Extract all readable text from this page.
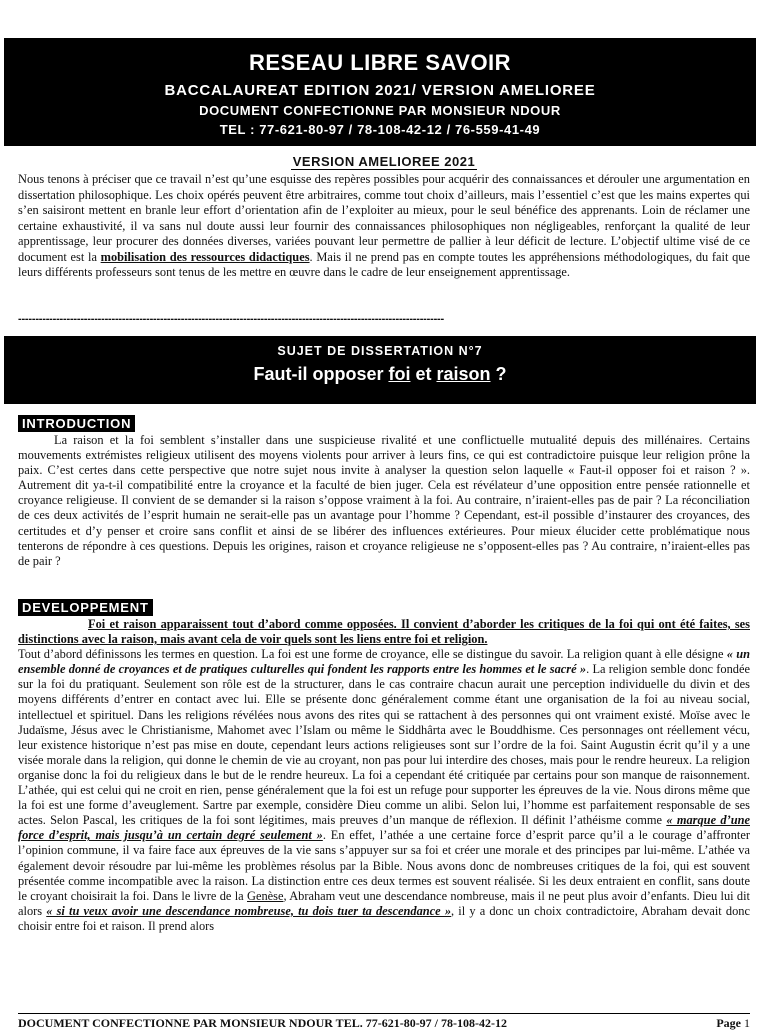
RESEAU LIBRE SAVOIR
BACCALAUREAT EDITION 2021/ VERSION AMELIOREE
DOCUMENT CONFECTIONNE PAR MONSIEUR NDOUR
TEL : 77-621-80-97 / 78-108-42-12 / 76-559-41-49
VERSION AMELIOREE 2021

Nous tenons à préciser que ce travail n’est qu’une esquisse des repères possibles pour acquérir des connaissances et dérouler une argumentation en dissertation philosophique. Les choix opérés peuvent être arbitraires, comme tout choix d’ailleurs, mais l’essentiel c’est que les mains expertes qui s’en saisiront mettent en branle leur effort d’orientation afin de l’exploiter au mieux, pour le seul bénéfice des apprenants. Loin de réclamer une certaine exhaustivité, il va sans nul doute aussi leur fournir des connaissances philosophiques non négligeables, renforçant la qualité de leur apprentissage, leur procurer des données diverses, variées pouvant leur permettre de pallier à leur déficit de lecture. L’objectif ultime visé de ce document est la mobilisation des ressources didactiques. Mais il ne prend pas en compte toutes les appréhensions méthodologiques, du fait que leurs différents professeurs sont tenus de les mettre en œuvre dans le cadre de leur enseignement apprentissage.

---------------------------------------------------------------------------------------------------------------------------
SUJET DE DISSERTATION N°7
Faut-il opposer foi et raison ?
INTRODUCTION

La raison et la foi semblent s’installer dans une suspicieuse rivalité et une conflictuelle mutualité depuis des millénaires. Certains mouvements extrémistes religieux utilisent des moyens violents pour arriver à leurs fins, ce qui est contradictoire puisque leur religion prône la paix. C’est certes dans cette perspective que notre sujet nous invite à analyser la question selon laquelle « Faut-il opposer foi et raison ? ». Autrement dit ya-t-il compatibilité entre la croyance et la faculté de bien juger. Cela est révélateur d’une opposition entre pensée rationnelle et croyance religieuse. Il convient de se demander si la raison s’oppose vraiment à la foi. Au contraire, n’iraient-elles pas de pair ? La réconciliation de ces deux activités de l’esprit humain ne serait-elle pas un avantage pour l’homme ? Cependant, est-il possible d’instaurer des croyances, des certitudes et d’y penser et croire sans conflit et ainsi de se libérer des influences extérieures. Pour mieux élucider cette problématique nous tenterons de répondre à ces questions. Depuis les origines, raison et croyance religieuse ne s’opposent-elles pas ? Au contraire, n’iraient-elles pas de pair ?

DEVELOPPEMENT

Foi et raison apparaissent tout d’abord comme opposées. Il convient d’aborder les critiques de la foi qui ont été faites, ses distinctions avec la raison, mais avant cela de voir quels sont les liens entre foi et religion.
Tout d’abord définissons les termes en question. La foi est une forme de croyance, elle se distingue du savoir. La religion quant à elle désigne « un ensemble donné de croyances et de pratiques culturelles qui fondent les rapports entre les hommes et le sacré ». La religion semble donc fondée sur la foi du pratiquant. Seulement son rôle est de la structurer, dans le cas contraire chacun aurait une perception individuelle du divin et des moyens différents d’entrer en contact avec lui. Elle se présente donc généralement comme étant une organisation de la foi au niveau social, intellectuel et spirituel. Dans les religions révélées nous avons des rites qui se rattachent à des personnes qui ont vraiment existé. Moïse avec le Judaïsme, Jésus avec le Christianisme, Mahomet avec l’Islam ou même le Siddhârta avec le Bouddhisme. Ces personnages ont réellement vécu, leur existence historique n’est pas mise en doute, cependant leurs actions religieuses sont sur l’ordre de la foi. Saint Augustin écrit qu’il y a une visée morale dans la religion, qui donne le chemin de vie au croyant, non pas pour lui interdire des choses, mais pour le rendre heureux. La religion organise donc la foi du religieux dans le but de le rendre heureux. La foi a cependant été critiquée par certains pour son manque de raisonnement. L’athée, qui est celui qui ne croit en rien, pense généralement que la foi est un refuge pour supporter les épreuves de la vie. Nous dirons même que la foi est une forme d’aveuglement. Sartre par exemple, considère Dieu comme un alibi. Selon lui, l’homme est parfaitement responsable de ses actes. Selon Pascal, les critiques de la foi sont légitimes, mais preuves d’un manque de réflexion. Il définit l’athéisme comme « marque d’une force d’esprit, mais jusqu’à un certain degré seulement ». En effet, l’athée a une certaine force d’esprit parce qu’il a le courage d’affronter l’opinion commune, il va faire face aux épreuves de la vie sans s’appuyer sur sa foi et créer une morale et des principes par lui-même. L’athée va également devoir résoudre par lui-même les problèmes résolus par la Bible. Nous avons donc de nombreuses critiques de la foi, qui est souvent présentée comme incompatible avec la raison. La distinction entre ces deux termes est souvent réalisée. Si les deux entraient en conflit, sans doute le croyant choisirait la foi. Dans le livre de la Genèse, Abraham veut une descendance nombreuse, mais il ne peut plus avoir d’enfants. Dieu lui dit alors « si tu veux avoir une descendance nombreuse, tu dois tuer ta descendance », il y a donc un choix contradictoire, Abraham devait donc choisir entre foi et raison. Il prend alors

DOCUMENT CONFECTIONNE PAR MONSIEUR NDOUR TEL. 77-621-80-97 / 78-108-42-12	Page 1
